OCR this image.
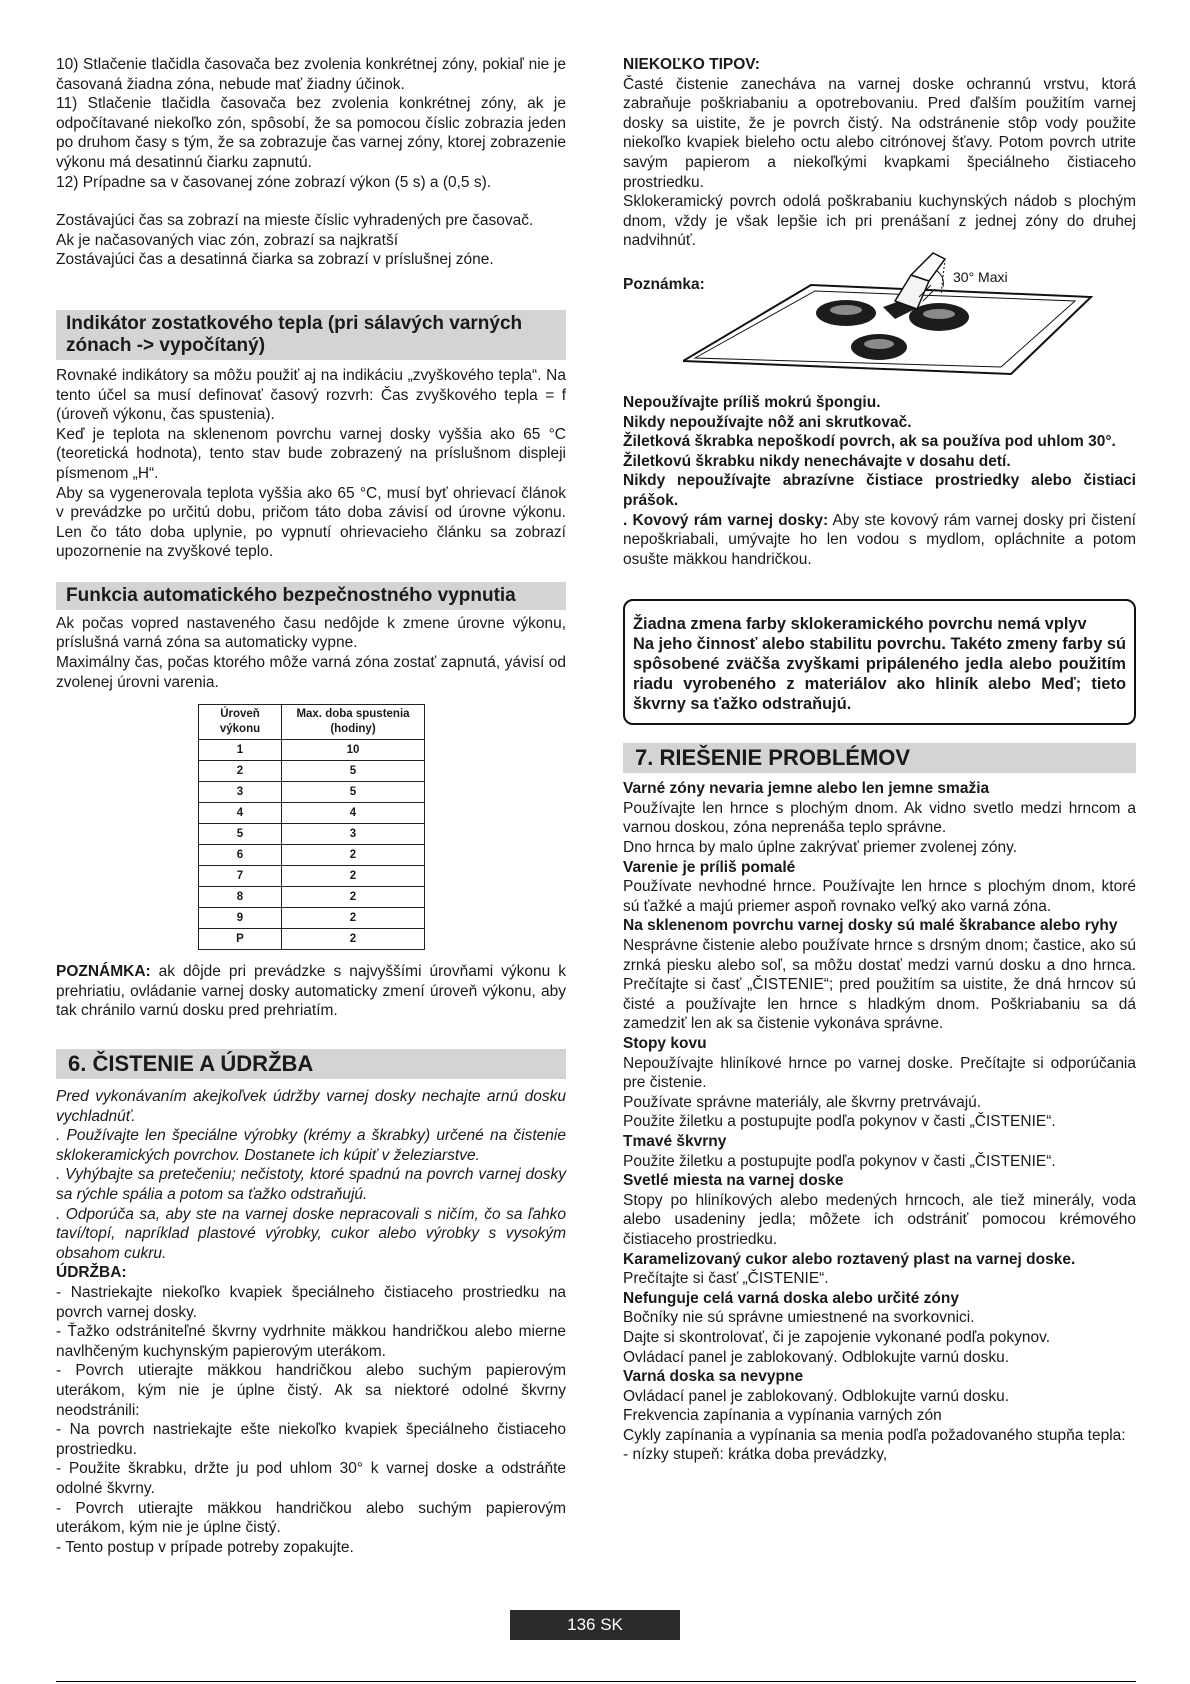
10) Stlačenie tlačidla časovača bez zvolenia konkrétnej zóny, pokiaľ nie je časovaná žiadna zóna, nebude mať žiadny účinok.

11) Stlačenie tlačidla časovača bez zvolenia konkrétnej zóny, ak je odpočítavané niekoľko zón, spôsobí, že sa pomocou číslic zobrazia jeden po druhom časy s tým, že sa zobrazuje čas varnej zóny, ktorej zobrazenie výkonu má desatinnú čiarku zapnutú.

12) Prípadne sa v časovanej zóne zobrazí výkon (5 s) a (0,5 s).

Zostávajúci čas sa zobrazí na mieste číslic vyhradených pre časovač.

Ak je načasovaných viac zón, zobrazí sa najkratší

Zostávajúci čas a desatinná čiarka sa zobrazí v príslušnej zóne.

Indikátor zostatkového tepla (pri sálavých varných zónach -> vypočítaný)

Rovnaké indikátory sa môžu použiť aj na indikáciu „zvyškového tepla“. Na tento účel sa musí definovať časový rozvrh: Čas zvyškového tepla = f (úroveň výkonu, čas spustenia).

Keď je teplota na sklenenom povrchu varnej dosky vyššia ako 65 °C (teoretická hodnota), tento stav bude zobrazený na príslušnom displeji písmenom „H“.

Aby sa vygenerovala teplota vyššia ako 65 °C, musí byť ohrievací článok v prevádzke po určitú dobu, pričom táto doba závisí od úrovne výkonu. Len čo táto doba uplynie, po vypnutí ohrievacieho článku sa zobrazí upozornenie na zvyškové teplo.

Funkcia automatického bezpečnostného vypnutia

Ak počas vopred nastaveného času nedôjde k zmene úrovne výkonu, príslušná varná zóna sa automaticky vypne.

Maximálny čas, počas ktorého môže varná zóna zostať zapnutá, yávisí od zvolenej úrovni varenia.

Úroveň
výkonu	Max. doba spustenia
(hodiny)
1	10
2	5
3	5
4	4
5	3
6	2
7	2
8	2
9	2
P	2

POZNÁMKA: ak dôjde pri prevádzke s najvyššími úrovňami výkonu k prehriatiu, ovládanie varnej dosky automaticky zmení úroveň výkonu, aby tak chránilo varnú dosku pred prehriatím.

6. ČISTENIE A ÚDRŽBA

Pred vykonávaním akejkoľvek údržby varnej dosky nechajte arnú dosku vychladnúť.

. Používajte len špeciálne výrobky (krémy a škrabky) určené na čistenie sklokeramických povrchov. Dostanete ich kúpiť v železiarstve.

. Vyhýbajte sa pretečeniu; nečistoty, ktoré spadnú na povrch varnej dosky sa rýchle spália a potom sa ťažko odstraňujú.

. Odporúča sa, aby ste na varnej doske nepracovali s ničím, čo sa ľahko taví/topí, napríklad plastové výrobky, cukor alebo výrobky s vysokým obsahom cukru.

ÚDRŽBA:

- Nastriekajte niekoľko kvapiek špeciálneho čistiaceho prostriedku na povrch varnej dosky.

- Ťažko odstrániteľné škvrny vydrhnite mäkkou handričkou alebo mierne navlhčeným kuchynským papierovým uterákom.

- Povrch utierajte mäkkou handričkou alebo suchým papierovým uterákom, kým nie je úplne čistý. Ak sa niektoré odolné škvrny neodstránili:

- Na povrch nastriekajte ešte niekoľko kvapiek špeciálneho čistiaceho prostriedku.

- Použite škrabku, držte ju pod uhlom 30° k varnej doske a odstráňte odolné škvrny.

- Povrch utierajte mäkkou handričkou alebo suchým papierovým uterákom, kým nie je úplne čistý.

- Tento postup v prípade potreby zopakujte.

NIEKOĽKO TIPOV:

Časté čistenie zanecháva na varnej doske ochrannú vrstvu, ktorá zabraňuje poškriabaniu a opotrebovaniu. Pred ďalším použitím varnej dosky sa uistite, že je povrch čistý. Na odstránenie stôp vody použite niekoľko kvapiek bieleho octu alebo citrónovej šťavy. Potom povrch utrite savým papierom a niekoľkými kvapkami špeciálneho čistiaceho prostriedku.

Sklokeramický povrch odolá poškrabaniu kuchynských nádob s plochým dnom, vždy je však lepšie ich pri prenášaní z jednej zóny do druhej nadvihnúť.

Poznámka:	30° Maxi

Nepoužívajte príliš mokrú špongiu.

Nikdy nepoužívajte nôž ani skrutkovač.

Žiletková škrabka nepoškodí povrch, ak sa používa pod uhlom 30°.

Žiletkovú škrabku nikdy nenechávajte v dosahu detí.

Nikdy nepoužívajte abrazívne čistiace prostriedky alebo čistiaci prášok.

. Kovový rám varnej dosky: Aby ste kovový rám varnej dosky pri čistení nepoškriabali, umývajte ho len vodou s mydlom, opláchnite a potom osušte mäkkou handričkou.

Žiadna zmena farby sklokeramického povrchu nemá vplyv

Na jeho činnosť alebo stabilitu povrchu. Takéto zmeny farby sú spôsobené zväčša zvyškami pripáleného jedla alebo použitím riadu vyrobeného z materiálov ako hliník alebo Meď; tieto škvrny sa ťažko odstraňujú.

7. RIEŠENIE PROBLÉMOV

Varné zóny nevaria jemne alebo len jemne smažia

Používajte len hrnce s plochým dnom. Ak vidno svetlo medzi hrncom a varnou doskou, zóna neprenáša teplo správne.

Dno hrnca by malo úplne zakrývať priemer zvolenej zóny.

Varenie je príliš pomalé

Používate nevhodné hrnce. Používajte len hrnce s plochým dnom, ktoré sú ťažké a majú priemer aspoň rovnako veľký ako varná zóna.

Na sklenenom povrchu varnej dosky sú malé škrabance alebo ryhy

Nesprávne čistenie alebo používate hrnce s drsným dnom; častice, ako sú zrnká piesku alebo soľ, sa môžu dostať medzi varnú dosku a dno hrnca. Prečítajte si časť „ČISTENIE“; pred použitím sa uistite, že dná hrncov sú čisté a používajte len hrnce s hladkým dnom. Poškriabaniu sa dá zamedziť len ak sa čistenie vykonáva správne.

Stopy kovu

Nepoužívajte hliníkové hrnce po varnej doske. Prečítajte si odporúčania pre čistenie.

Používate správne materiály, ale škvrny pretrvávajú.

Použite žiletku a postupujte podľa pokynov v časti „ČISTENIE“.

Tmavé škvrny

Použite žiletku a postupujte podľa pokynov v časti „ČISTENIE“.

Svetlé miesta na varnej doske

Stopy po hliníkových alebo medených hrncoch, ale tiež minerály, voda alebo usadeniny jedla; môžete ich odstrániť pomocou krémového čistiaceho prostriedku.

Karamelizovaný cukor alebo roztavený plast na varnej doske.

Prečítajte si časť „ČISTENIE“.

Nefunguje celá varná doska alebo určité zóny

Bočníky nie sú správne umiestnené na svorkovnici.

Dajte si skontrolovať, či je zapojenie vykonané podľa pokynov.

Ovládací panel je zablokovaný. Odblokujte varnú dosku.

Varná doska sa nevypne

Ovládací panel je zablokovaný. Odblokujte varnú dosku.

Frekvencia zapínania a vypínania varných zón

Cykly zapínania a vypínania sa menia podľa požadovaného stupňa tepla:

- nízky stupeň: krátka doba prevádzky,

136 SK
